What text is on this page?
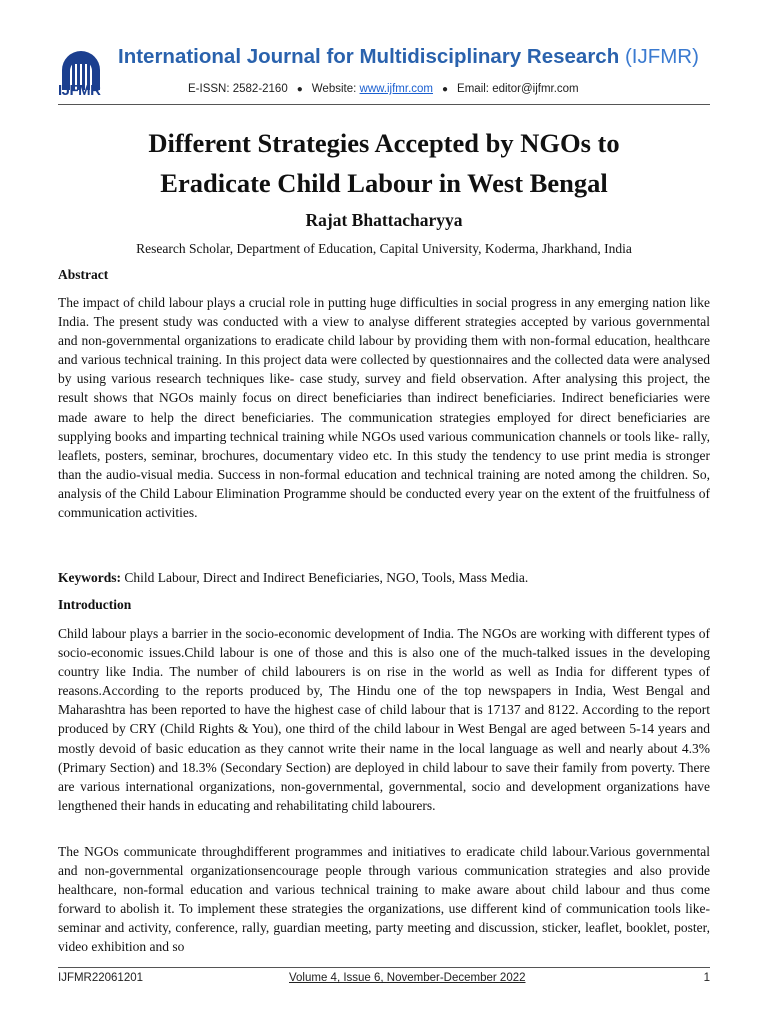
IJFMR
International Journal for Multidisciplinary Research (IJFMR)
E-ISSN: 2582-2160 ● Website: www.ijfmr.com ● Email: editor@ijfmr.com
Different Strategies Accepted by NGOs to
Eradicate Child Labour in West Bengal
Rajat Bhattacharyya
Research Scholar, Department of Education, Capital University, Koderma, Jharkhand, India
Abstract

The impact of child labour plays a crucial role in putting huge difficulties in social progress in any emerging nation like India. The present study was conducted with a view to analyse different strategies accepted by various governmental and non-governmental organizations to eradicate child labour by providing them with non-formal education, healthcare and various technical training. In this project data were collected by questionnaires and the collected data were analysed by using various research techniques like- case study, survey and field observation. After analysing this project, the result shows that NGOs mainly focus on direct beneficiaries than indirect beneficiaries. Indirect beneficiaries were made aware to help the direct beneficiaries. The communication strategies employed for direct beneficiaries are supplying books and imparting technical training while NGOs used various communication channels or tools like- rally, leaflets, posters, seminar, brochures, documentary video etc. In this study the tendency to use print media is stronger than the audio-visual media. Success in non-formal education and technical training are noted among the children. So, analysis of the Child Labour Elimination Programme should be conducted every year on the extent of the fruitfulness of communication activities.

Keywords: Child Labour, Direct and Indirect Beneficiaries, NGO, Tools, Mass Media.
Introduction

Child labour plays a barrier in the socio-economic development of India. The NGOs are working with different types of socio-economic issues.Child labour is one of those and this is also one of the much-talked issues in the developing country like India. The number of child labourers is on rise in the world as well as India for different types of reasons.According to the reports produced by, The Hindu one of the top newspapers in India, West Bengal and Maharashtra has been reported to have the highest case of child labour that is 17137 and 8122. According to the report produced by CRY (Child Rights & You), one third of the child labour in West Bengal are aged between 5-14 years and mostly devoid of basic education as they cannot write their name in the local language as well and nearly about 4.3% (Primary Section) and 18.3% (Secondary Section) are deployed in child labour to save their family from poverty. There are various international organizations, non-governmental, governmental, socio and development organizations have lengthened their hands in educating and rehabilitating child labourers.

The NGOs communicate throughdifferent programmes and initiatives to eradicate child labour.Various governmental and non-governmental organizationsencourage people through various communication strategies and also provide healthcare, non-formal education and various technical training to make aware about child labour and thus come forward to abolish it. To implement these strategies the organizations, use different kind of communication tools like- seminar and activity, conference, rally, guardian meeting, party meeting and discussion, sticker, leaflet, booklet, poster, video exhibition and so

IJFMR22061201	Volume 4, Issue 6, November-December 2022	1
